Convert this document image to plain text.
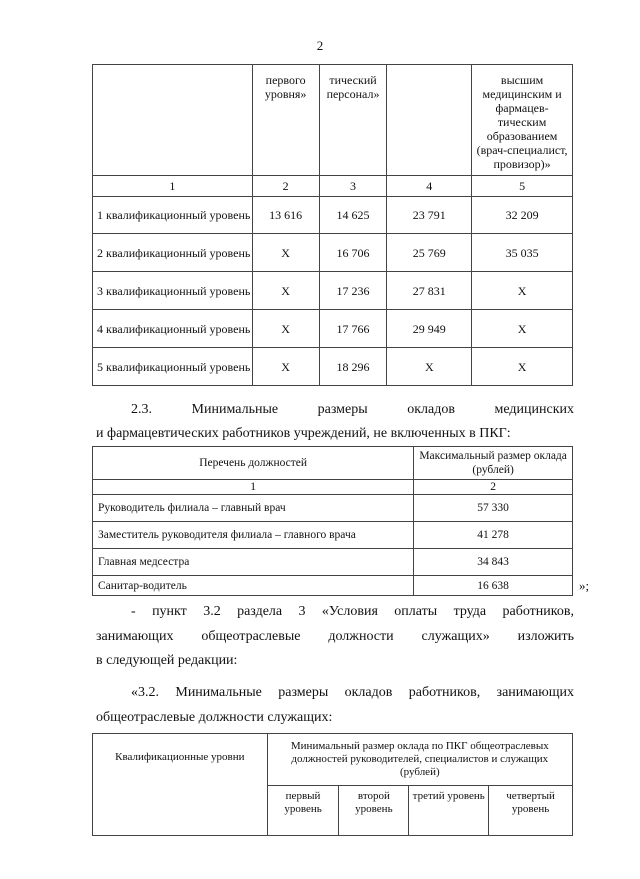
2
	первого уровня»	тический персонал»		высшим медицинским и фармацев-тическим образованием (врач-специалист, провизор)»
1	2	3	4	5
1 квалификационный уровень	13 616	14 625	23 791	32 209
2 квалификационный уровень	Х	16 706	25 769	35 035
3 квалификационный уровень	Х	17 236	27 831	Х
4 квалификационный уровень	Х	17 766	29 949	Х
5 квалификационный уровень	Х	18 296	Х	Х
2.3. Минимальные размеры окладов медицинских
и фармацевтических работников учреждений, не включенных в ПКГ:
Перечень должностей	Максимальный размер оклада (рублей)
1	2
Руководитель филиала – главный врач	57 330
Заместитель руководителя филиала – главного врача	41 278
Главная медсестра	34 843
Санитар-водитель	16 638	»;
- пункт 3.2 раздела 3 «Условия оплаты труда работников,
занимающих общеотраслевые должности служащих» изложить
в следующей редакции:
«3.2. Минимальные размеры окладов работников, занимающих
общеотраслевые должности служащих:
Квалификационные уровни	Минимальный размер оклада по ПКГ общеотраслевых должностей руководителей, специалистов и служащих (рублей)			
	первый уровень	второй уровень	третий уровень	четвертый уровень
